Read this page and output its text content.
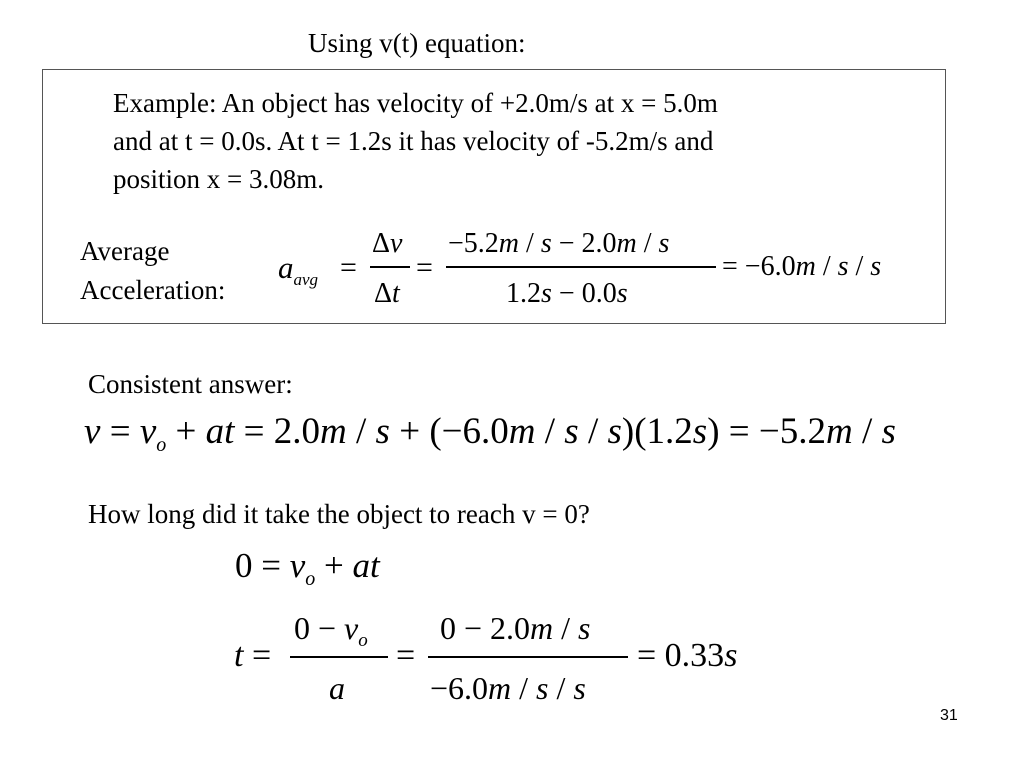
Using v(t) equation:
Example: An object has velocity of +2.0m/s at x = 5.0m
and at t = 0.0s. At t = 1.2s it has velocity of -5.2m/s and
position x = 3.08m.
Average
Acceleration:
$a_{avg}$ =
Δv
Δt
=
−5.2m / s − 2.0m / s
1.2s − 0.0s
= −6.0m / s / s
Consistent answer:
$v = v_o$ + at = 2.0m / s + (−6.0m / s / s)(1.2s) = −5.2m / s
How long did it take the object to reach v = 0?
$0 = v_o$ + at
t =
$0 - v_o$
a
=
0 − 2.0m / s
−6.0m / s / s
= 0.33s
31
